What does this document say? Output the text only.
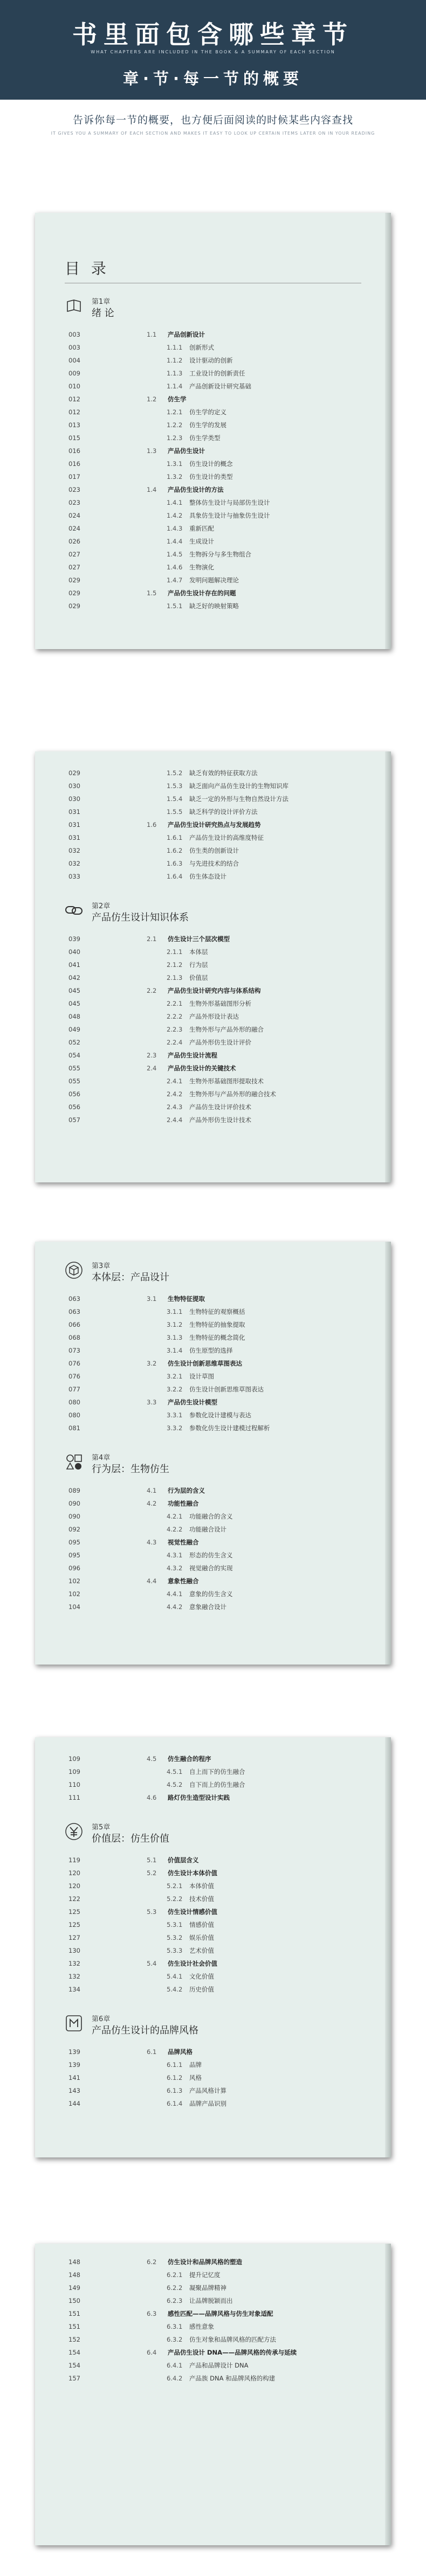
书里面包含哪些章节
WHAT CHAPTERS ARE INCLUDED IN THE BOOK & A SUMMARY OF EACH SECTION
章·节·每一节的概要
告诉你每一节的概要，也方便后面阅读的时候某些内容查找
IT GIVES YOU A SUMMARY OF EACH SECTION AND MAKES IT EASY TO LOOK UP CERTAIN ITEMS LATER ON IN YOUR READING
目 录
第1章
绪 论
003	1.1 产品创新设计
003	1.1.1 创新形式
004	1.1.2 设计驱动的创新
009	1.1.3 工业设计的创新责任
010	1.1.4 产品创新设计研究基础
012	1.2 仿生学
012	1.2.1 仿生学的定义
013	1.2.2 仿生学的发展
015	1.2.3 仿生学类型
016	1.3 产品仿生设计
016	1.3.1 仿生设计的概念
017	1.3.2 仿生设计的类型
023	1.4 产品仿生设计的方法
023	1.4.1 整体仿生设计与局部仿生设计
024	1.4.2 具象仿生设计与抽象仿生设计
024	1.4.3 重新匹配
026	1.4.4 生成设计
027	1.4.5 生物拆分与多生物组合
027	1.4.6 生物演化
029	1.4.7 发明问题解决理论
029	1.5 产品仿生设计存在的问题
029	1.5.1 缺乏好的映射策略
029	1.5.2 缺乏有效的特征获取方法
030	1.5.3 缺乏面向产品仿生设计的生物知识库
030	1.5.4 缺乏一定的外形与生物自然设计方法
031	1.5.5 缺乏科学的设计评价方法
031	1.6 产品仿生设计研究热点与发展趋势
031	1.6.1 产品仿生设计的高维度特征
032	1.6.2 仿生类的创新设计
032	1.6.3 与先进技术的结合
033	1.6.4 仿生体态设计
第2章
产品仿生设计知识体系
039	2.1 仿生设计三个层次模型
040	2.1.1 本体层
041	2.1.2 行为层
042	2.1.3 价值层
045	2.2 产品仿生设计研究内容与体系结构
045	2.2.1 生物外形基础图形分析
048	2.2.2 产品外形设计表达
049	2.2.3 生物外形与产品外形的融合
052	2.2.4 产品外形仿生设计评价
054	2.3 产品仿生设计流程
055	2.4 产品仿生设计的关键技术
055	2.4.1 生物外形基础图形提取技术
056	2.4.2 生物外形与产品外形的融合技术
056	2.4.3 产品仿生设计评价技术
057	2.4.4 产品外形仿生设计技术
第3章
本体层：产品设计
063	3.1 生物特征提取
063	3.1.1 生物特征的观察概括
066	3.1.2 生物特征的抽象提取
068	3.1.3 生物特征的概念简化
073	3.1.4 仿生原型的选择
076	3.2 仿生设计创新思维草图表达
076	3.2.1 设计草图
077	3.2.2 仿生设计创新思维草图表达
080	3.3 产品仿生设计模型
080	3.3.1 参数化设计建模与表达
081	3.3.2 参数化仿生设计建模过程解析
第4章
行为层：生物仿生
089	4.1 行为层的含义
090	4.2 功能性融合
090	4.2.1 功能融合的含义
092	4.2.2 功能融合设计
095	4.3 视觉性融合
095	4.3.1 形态的仿生含义
096	4.3.2 视觉融合的实现
102	4.4 意象性融合
102	4.4.1 意象的仿生含义
104	4.4.2 意象融合设计
109	4.5 仿生融合的程序
109	4.5.1 自上而下的仿生融合
110	4.5.2 自下而上的仿生融合
111	4.6 路灯仿生造型设计实践
第5章
价值层：仿生价值
119	5.1 价值层含义
120	5.2 仿生设计本体价值
120	5.2.1 本体价值
122	5.2.2 技术价值
125	5.3 仿生设计情感价值
125	5.3.1 情感价值
127	5.3.2 娱乐价值
130	5.3.3 艺术价值
132	5.4 仿生设计社会价值
132	5.4.1 文化价值
134	5.4.2 历史价值
第6章
产品仿生设计的品牌风格
139	6.1 品牌风格
139	6.1.1 品牌
141	6.1.2 风格
143	6.1.3 产品风格计算
144	6.1.4 品牌产品识别
148	6.2 仿生设计和品牌风格的塑造
148	6.2.1 提升记忆度
149	6.2.2 凝聚品牌精神
150	6.2.3 让品牌脱颖而出
151	6.3 感性匹配——品牌风格与仿生对象适配
151	6.3.1 感性意象
152	6.3.2 仿生对象和品牌风格的匹配方法
154	6.4 产品仿生设计 DNA——品牌风格的传承与延续
154	6.4.1 产品和品牌设计 DNA
157	6.4.2 产品族 DNA 和品牌风格的构建
